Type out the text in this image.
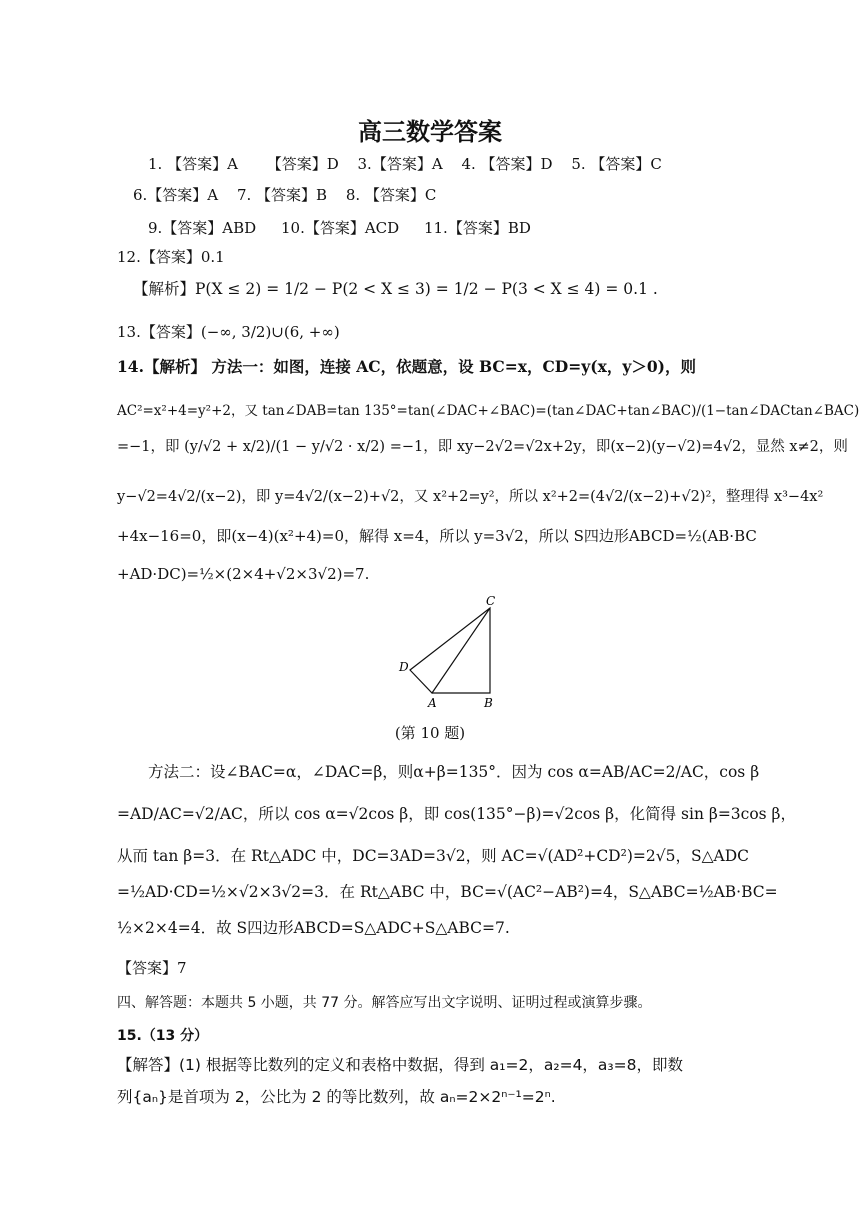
高三数学答案
1. 【答案】A 【答案】D 3.【答案】A 4. 【答案】D 5. 【答案】C
6.【答案】A 7. 【答案】B 8. 【答案】C
9.【答案】ABD 10.【答案】ACD 11.【答案】BD
12.【答案】0.1
【解析】P(X ≤ 2) = 1/2 − P(2 < X ≤ 3) = 1/2 − P(3 < X ≤ 4) = 0.1 .
13.【答案】(−∞, 3/2)∪(6, +∞)
14.【解析】 方法一：如图，连接 AC，依题意，设 BC=x，CD=y(x，y＞0)，则
AC²=x²+4=y²+2，又 tan∠DAB=tan 135°=tan(∠DAC+∠BAC)=(tan∠DAC+tan∠BAC)/(1−tan∠DACtan∠BAC)
=−1，即 (y/√2 + x/2)/(1 − y/√2 · x/2) =−1，即 xy−2√2=√2x+2y，即(x−2)(y−√2)=4√2，显然 x≠2，则
y−√2=4√2/(x−2)，即 y=4√2/(x−2)+√2，又 x²+2=y²，所以 x²+2=(4√2/(x−2)+√2)²，整理得 x³−4x²
+4x−16=0，即(x−4)(x²+4)=0，解得 x=4，所以 y=3√2，所以 S四边形ABCD=½(AB·BC
+AD·DC)=½×(2×4+√2×3√2)=7.
C
D
A	B
(第 10 题)
方法二：设∠BAC=α，∠DAC=β，则α+β=135°．因为 cos α=AB/AC=2/AC，cos β
=AD/AC=√2/AC，所以 cos α=√2cos β，即 cos(135°−β)=√2cos β，化简得 sin β=3cos β，
从而 tan β=3．在 Rt△ADC 中，DC=3AD=3√2，则 AC=√(AD²+CD²)=2√5，S△ADC
=½AD·CD=½×√2×3√2=3．在 Rt△ABC 中，BC=√(AC²−AB²)=4，S△ABC=½AB·BC=
½×2×4=4．故 S四边形ABCD=S△ADC+S△ABC=7.
【答案】7
四、解答题：本题共 5 小题，共 77 分。解答应写出文字说明、证明过程或演算步骤。
15.（13 分）
【解答】(1) 根据等比数列的定义和表格中数据，得到 a₁=2，a₂=4，a₃=8，即数
列{aₙ}是首项为 2，公比为 2 的等比数列，故 aₙ=2×2ⁿ⁻¹=2ⁿ.
